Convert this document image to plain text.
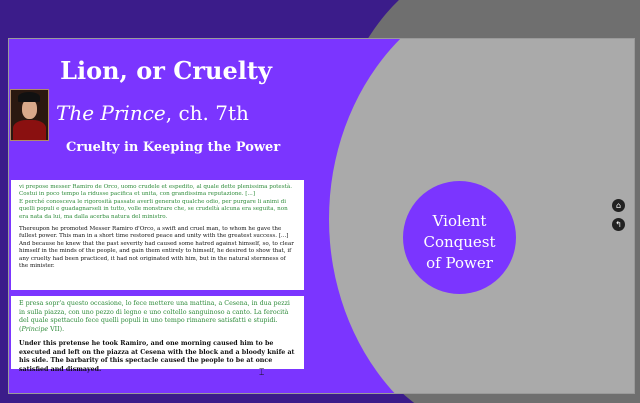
Lion, or Cruelty
The Prince, ch. 7th
Cruelty in Keeping the Power

vi prepose messer Ramiro de Orco, uomo crudele et espedito, al quale dette plenissima potestà. Costui in poco tempo la ridusse pacifica et unita, con grandissima reputazione. [...]
E perché conosceva le rigorosità passate averli generato qualche odio, per purgare li animi di quelli populi e guadagnarseli in tutto, volle monstrare che, se crudeltà alcuna era seguita, non era nata da lui, ma dalla acerba natura del ministro.

Thereupon he promoted Messer Ramiro d'Orco, a swift and cruel man, to whom he gave the fullest power. This man in a short time restored peace and unity with the greatest success. [...]
And because he knew that the past severity had caused some hatred against himself, so, to clear himself in the minds of the people, and gain them entirely to himself, he desired to show that, if any cruelty had been practiced, it had not originated with him, but in the natural sternness of the minister.

E presa sopr'a questo occasione, lo fece mettere una mattina, a Cesena, in dua pezzi in sulla piazza, con uno pezzo di legno e uno coltello sanguinoso a canto. La ferocità del quale spettaculo fece quelli populi in uno tempo rimanere satisfatti e stupidi. (Principe VII).

Under this pretense he took Ramiro, and one morning caused him to be executed and left on the piazza at Cesena with the block and a bloody knife at his side. The barbarity of this spectacle caused the people to be at once satisfied and dismayed.

Violent
Conquest
of Power
⌂
↰
⌶
